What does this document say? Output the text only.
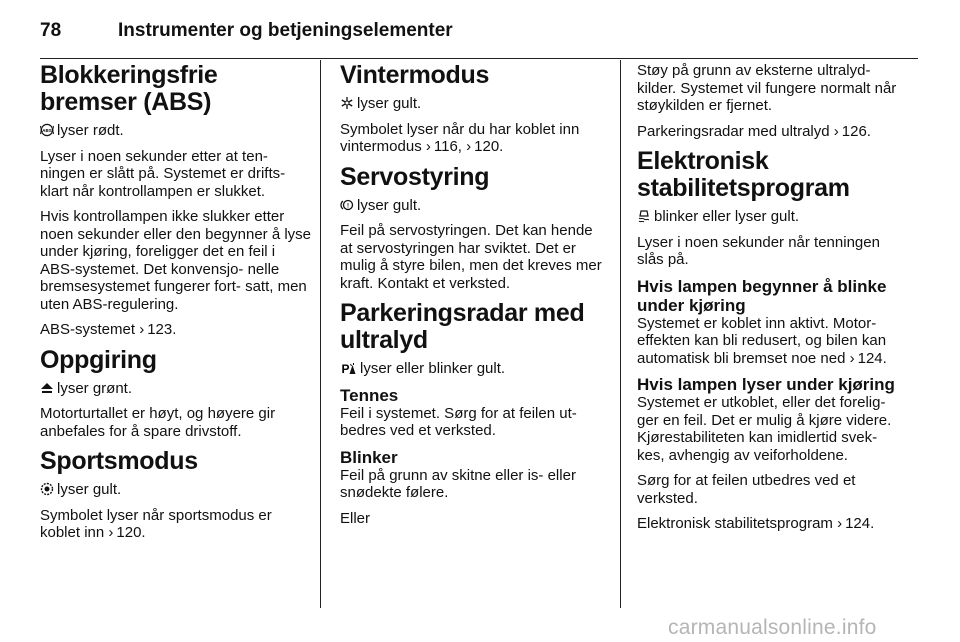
78	Instrumenter og betjeningselementer
Blokkeringsfrie bremser (ABS)

ABS lyser rødt.

Lyser i noen sekunder etter at ten- ningen er slått på. Systemet er drifts- klart når kontrollampen er slukket.

Hvis kontrollampen ikke slukker etter noen sekunder eller den begynner å lyse under kjøring, foreligger det en feil i ABS-systemet. Det konvensjo- nelle bremsesystemet fungerer fort- satt, men uten ABS-regulering.

ABS-systemet › 123.

Oppgiring

lyser grønt.

Motorturtallet er høyt, og høyere gir anbefales for å spare drivstoff.

Sportsmodus

lyser gult.

Symbolet lyser når sportsmodus er koblet inn › 120.

Vintermodus

lyser gult.

Symbolet lyser når du har koblet inn vintermodus › 116, › 120.

Servostyring

! lyser gult.

Feil på servostyringen. Det kan hende at servostyringen har sviktet. Det er mulig å styre bilen, men det kreves mer kraft. Kontakt et verksted.

Parkeringsradar med ultralyd

P lyser eller blinker gult.

Tennes

Feil i systemet. Sørg for at feilen ut- bedres ved et verksted.

Blinker

Feil på grunn av skitne eller is- eller snødekte følere.

Eller

Støy på grunn av eksterne ultralyd- kilder. Systemet vil fungere normalt når støykilden er fjernet.

Parkeringsradar med ultralyd › 126.

Elektronisk stabilitetsprogram

blinker eller lyser gult.

Lyser i noen sekunder når tenningen slås på.

Hvis lampen begynner å blinke under kjøring

Systemet er koblet inn aktivt. Motor- effekten kan bli redusert, og bilen kan automatisk bli bremset noe ned › 124.

Hvis lampen lyser under kjøring

Systemet er utkoblet, eller det forelig- ger en feil. Det er mulig å kjøre videre. Kjørestabiliteten kan imidlertid svek- kes, avhengig av veiforholdene.

Sørg for at feilen utbedres ved et verksted.

Elektronisk stabilitetsprogram › 124.

carmanualsonline.info
